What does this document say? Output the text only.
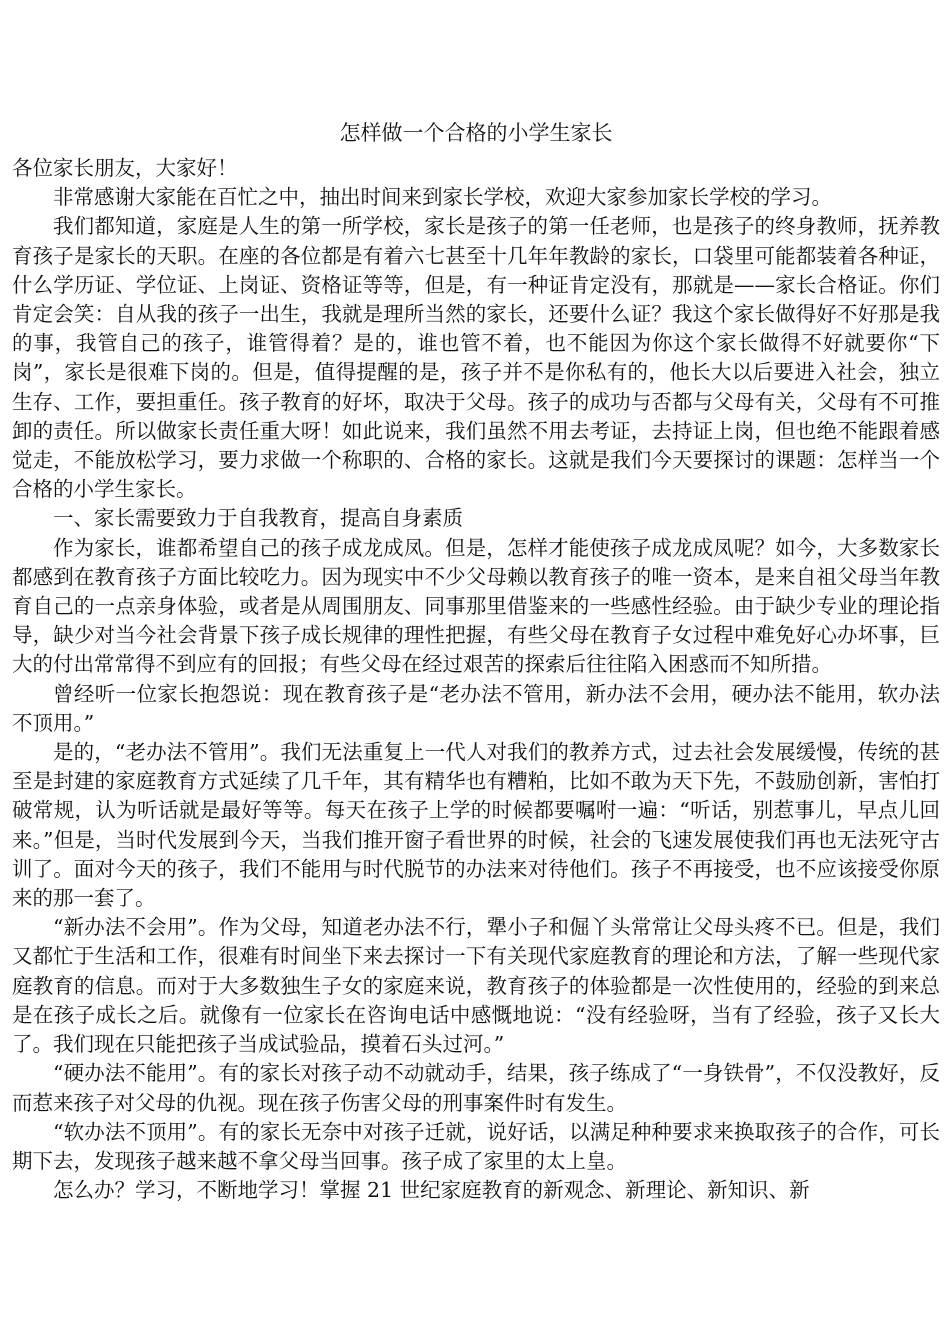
怎样做一个合格的小学生家长

各位家长朋友，大家好！

非常感谢大家能在百忙之中，抽出时间来到家长学校，欢迎大家参加家长学校的学习。

我们都知道，家庭是人生的第一所学校，家长是孩子的第一任老师，也是孩子的终身教师，抚养教育孩子是家长的天职。在座的各位都是有着六七甚至十几年年教龄的家长，口袋里可能都装着各种证，什么学历证、学位证、上岗证、资格证等等，但是，有一种证肯定没有，那就是——家长合格证。你们肯定会笑：自从我的孩子一出生，我就是理所当然的家长，还要什么证？我这个家长做得好不好那是我的事，我管自己的孩子，谁管得着？是的，谁也管不着，也不能因为你这个家长做得不好就要你“下岗”，家长是很难下岗的。但是，值得提醒的是，孩子并不是你私有的，他长大以后要进入社会，独立生存、工作，要担重任。孩子教育的好坏，取决于父母。孩子的成功与否都与父母有关，父母有不可推卸的责任。所以做家长责任重大呀！如此说来，我们虽然不用去考证，去持证上岗，但也绝不能跟着感觉走，不能放松学习，要力求做一个称职的、合格的家长。这就是我们今天要探讨的课题：怎样当一个合格的小学生家长。

一、家长需要致力于自我教育，提高自身素质

作为家长，谁都希望自己的孩子成龙成凤。但是，怎样才能使孩子成龙成凤呢？如今，大多数家长都感到在教育孩子方面比较吃力。因为现实中不少父母赖以教育孩子的唯一资本，是来自祖父母当年教育自己的一点亲身体验，或者是从周围朋友、同事那里借鉴来的一些感性经验。由于缺少专业的理论指导，缺少对当今社会背景下孩子成长规律的理性把握，有些父母在教育子女过程中难免好心办坏事，巨大的付出常常得不到应有的回报；有些父母在经过艰苦的探索后往往陷入困惑而不知所措。

曾经听一位家长抱怨说：现在教育孩子是“老办法不管用，新办法不会用，硬办法不能用，软办法不顶用。”

是的，“老办法不管用”。我们无法重复上一代人对我们的教养方式，过去社会发展缓慢，传统的甚至是封建的家庭教育方式延续了几千年，其有精华也有糟粕，比如不敢为天下先，不鼓励创新，害怕打破常规，认为听话就是最好等等。每天在孩子上学的时候都要嘱咐一遍：“听话，别惹事儿，早点儿回来。”但是，当时代发展到今天，当我们推开窗子看世界的时候，社会的飞速发展使我们再也无法死守古训了。面对今天的孩子，我们不能用与时代脱节的办法来对待他们。孩子不再接受，也不应该接受你原来的那一套了。

“新办法不会用”。作为父母，知道老办法不行，犟小子和倔丫头常常让父母头疼不已。但是，我们又都忙于生活和工作，很难有时间坐下来去探讨一下有关现代家庭教育的理论和方法，了解一些现代家庭教育的信息。而对于大多数独生子女的家庭来说，教育孩子的体验都是一次性使用的，经验的到来总是在孩子成长之后。就像有一位家长在咨询电话中感慨地说：“没有经验呀，当有了经验，孩子又长大了。我们现在只能把孩子当成试验品，摸着石头过河。”

“硬办法不能用”。有的家长对孩子动不动就动手，结果，孩子练成了“一身铁骨”，不仅没教好，反而惹来孩子对父母的仇视。现在孩子伤害父母的刑事案件时有发生。

“软办法不顶用”。有的家长无奈中对孩子迁就，说好话，以满足种种要求来换取孩子的合作，可长期下去，发现孩子越来越不拿父母当回事。孩子成了家里的太上皇。

怎么办？学习，不断地学习！掌握 21 世纪家庭教育的新观念、新理论、新知识、新
